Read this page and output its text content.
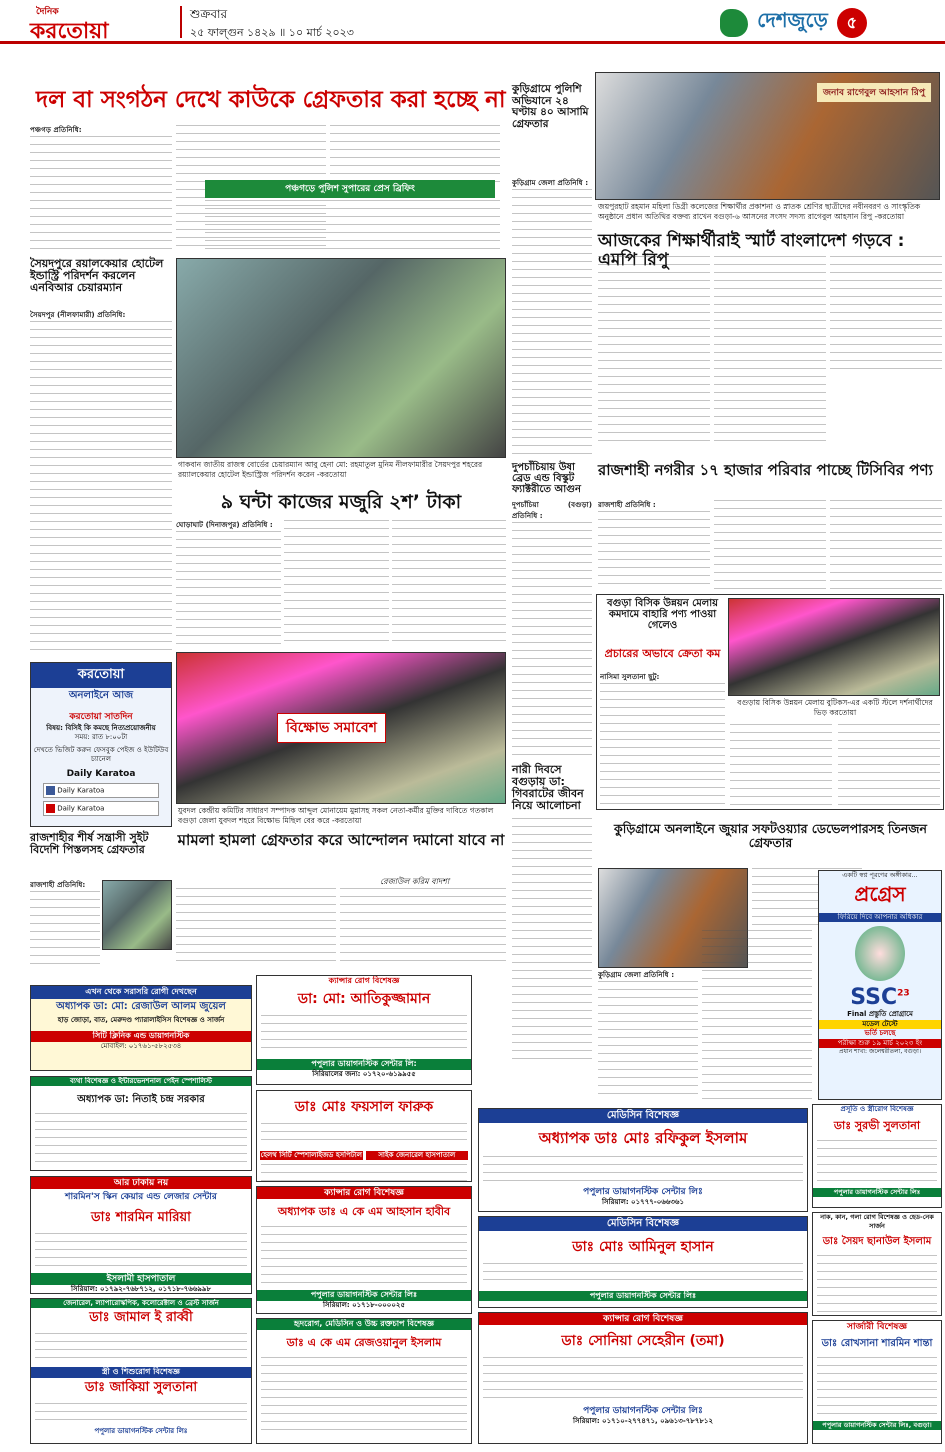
দৈনিক
করতোয়া
শুক্রবার
২৫ ফাল্গুন ১৪২৯ ॥ ১০ মার্চ ২০২৩
দেশজুড়ে ৫
দল বা সংগঠন দেখে কাউকে গ্রেফতার করা হচ্ছে না
পঞ্চগড় প্রতিনিধি:
পঞ্চগড়ে পুলিশ সুপারের প্রেস ব্রিফিং
কুড়িগ্রামে পুলিশি অভিযানে ২৪ ঘণ্টায় ৪০ আসামি গ্রেফতার
কুড়িগ্রাম জেলা প্রতিনিধি :
জনাব রাগেবুল আহসান রিপু
জয়পুরহাট রহমান মহিলা ডিগ্রী কলেজের শিক্ষার্থীর প্রকাশনা ও স্নাতক শ্রেণির ছাত্রীদের নবীনবরণ ও সাংস্কৃতিক অনুষ্ঠানে প্রধান অতিথির বক্তব্য রাখেন বগুড়া-৬ আসনের সংসদ সদস্য রাগেবুল আহসান রিপু -করতোয়া
আজকের শিক্ষার্থীরাই স্মার্ট বাংলাদেশ গড়বে : এমপি রিপু
সৈয়দপুরে রয়ালকেয়ার হোটেল ইন্ডাস্ট্রি পরিদর্শন করলেন এনবিআর চেয়ারম্যান
সৈয়দপুর (নীলফামারী) প্রতিনিধি:
গাকবান জাতীয় রাজস্ব বোর্ডের চেয়ারম্যান আবু হেনা মো: রহমাতুল মুনিম নীলফামারীর সৈয়দপুর শহরের রয়্যালকেয়ার হোটেল ইন্ডাস্ট্রিজ পরিদর্শন করেন -করতোয়া
দুপচাঁচিয়ায় উষা ব্রেড এন্ড বিস্কুট ফ্যাক্টরীতে আগুন
দুপচাঁচিয়া (বগুড়া) প্রতিনিধি :
রাজশাহী নগরীর ১৭ হাজার পরিবার পাচ্ছে টিসিবির পণ্য
রাজশাহী প্রতিনিধি :
৯ ঘন্টা কাজের মজুরি ২শ’ টাকা
ঘোড়াঘাট (দিনাজপুর) প্রতিনিধি :
বিক্ষোভ সমাবেশ
যুবদল কেন্দ্রীয় কমিটির সাধারণ সম্পাদক আব্দুল মোনায়েম মুন্নাসহ সকল নেতা-কর্মীর মুক্তির দাবিতে গতকাল বগুড়া জেলা যুবদল শহরে বিক্ষোভ মিছিল বের করে -করতোয়া
বগুড়া বিসিক উন্নয়ন মেলায় কমদামে বাহারি পণ্য পাওয়া গেলেও
প্রচারের অভাবে ক্রেতা কম
বগুড়ায় বিসিক উন্নয়ন মেলায় বুটিকস-এর একটি স্টলে দর্শনার্থীদের ভিড় করতোয়া
নাসিমা সুলতানা ছুটু:
নারী দিবসে বগুড়ায় ডা: গিবরাটের জীবন নিয়ে আলোচনা
করতোয়া
অনলাইনে আজ
করতোয়া সাতদিন
বিষয়: বিসিই কি কমছে নিত্যপ্রয়োজনীয়
সময়: রাত ৮:০০টা
দেখতে ভিজিট করুন ফেসবুক পেইজ ও ইউটিউব চ্যানেল
Daily Karatoa
Daily Karatoa
Daily Karatoa
রাজশাহীর শীর্ষ সন্ত্রাসী সুইট বিদেশি পিস্তলসহ গ্রেফতার
রাজশাহী প্রতিনিধি:
মামলা হামলা গ্রেফতার করে আন্দোলন দমানো যাবে না
রেজাউল করিম বাদশা
কুড়িগ্রামে অনলাইনে জুয়ার সফটওয়্যার ডেভেলপারসহ তিনজন গ্রেফতার
কুড়িগ্রাম জেলা প্রতিনিধি :
একটি স্বপ্ন পূরণের অঙ্গীকার...
প্রগ্রেস
ফিরিয়ে দিবে আপনার অধিকার
SSC$^{23}$
Final প্রস্তুতি প্রোগ্রামে
মডেল টেস্টে
ভর্তি চলছে
পরীক্ষা শুরু ১৯ মার্চ ২০২৩ ইং
প্রধান শাখা: জলেশ্বরীতলা, বগুড়া।
এখন থেকে সরাসরি রোগী দেখছেন
অধ্যাপক ডা: মো: রেজাউল আলম জুয়েল
হাড় জোড়া, বাত, মেরুদণ্ড প্যারালাইসিস বিশেষজ্ঞ ও সার্জন
সিটি ক্লিনিক এন্ড ডায়াগনস্টিক
মোবাইল: ০১৭৬১-৫৮২৫৩৪
ব্যথা বিশেষজ্ঞ ও ইন্টারভেনশনাল পেইন স্পেশালিস্ট
অধ্যাপক ডা: নিতাই চন্দ্র সরকার
আর ঢাকায় নয়
শারমিন'স স্কিন কেয়ার এন্ড লেজার সেন্টার
ডাঃ শারমিন মারিয়া
ইসলামী হাসপাতাল
সিরিয়াল: ০১৭৯২-৭৬৮৭১২, ০১৭১৮-৭৬৬৯৯৮
জেনারেল, ল্যাপারোস্কপিক, কলোরেক্টাল ও ব্রেস্ট সার্জন
ডাঃ জামাল ই রাব্বী
স্ত্রী ও শিশুরোগ বিশেষজ্ঞ
ডাঃ জাকিয়া সুলতানা
পপুলার ডায়াগনস্টিক সেন্টার লিঃ
ক্যান্সার রোগ বিশেষজ্ঞ
ডা: মো: আতিকুজ্জামান
পপুলার ডায়াগনস্টিক সেন্টার লি:
সিরিয়ালের জন্য: ০১৭২০-৬১৯৯৫৫
ডাঃ মোঃ ফয়সাল ফারুক
হেলথ সিটি স্পেশালাইজড হসপিটাল	সাইক জেনারেল হাসপাতাল
ক্যান্সার রোগ বিশেষজ্ঞ
অধ্যাপক ডাঃ এ কে এম আহসান হাবীব
পপুলার ডায়াগনস্টিক সেন্টার লিঃ
সিরিয়াল: ০১৭১৮-০০০০২৫
হৃদরোগ, মেডিসিন ও উচ্চ রক্তচাপ বিশেষজ্ঞ
ডাঃ এ কে এম রেজওয়ানুল ইসলাম
মেডিসিন বিশেষজ্ঞ
অধ্যাপক ডাঃ মোঃ রফিকুল ইসলাম
পপুলার ডায়াগনস্টিক সেন্টার লিঃ
সিরিয়াল: ০১৭৭৭-০৬৬৩৬১
মেডিসিন বিশেষজ্ঞ
ডাঃ মোঃ আমিনুল হাসান
পপুলার ডায়াগনস্টিক সেন্টার লিঃ
ক্যান্সার রোগ বিশেষজ্ঞ
ডাঃ সোনিয়া সেহেরীন (তমা)
পপুলার ডায়াগনস্টিক সেন্টার লিঃ
সিরিয়াল: ০১৭১০-২৭৭৪৭১, ০৯৬১৩-৭৮৭৮১২
প্রসূতি ও স্ত্রীরোগ বিশেষজ্ঞ
ডাঃ সুরভী সুলতানা
পপুলার ডায়াগনস্টিক সেন্টার লিঃ
নাক, কান, গলা রোগ বিশেষজ্ঞ ও হেড-নেক সার্জন
ডাঃ সৈয়দ ছানাউল ইসলাম
সার্জারী বিশেষজ্ঞ
ডাঃ রোখসানা শারমিন শান্তা
পপুলার ডায়াগনস্টিক সেন্টার লিঃ, বগুড়া।
